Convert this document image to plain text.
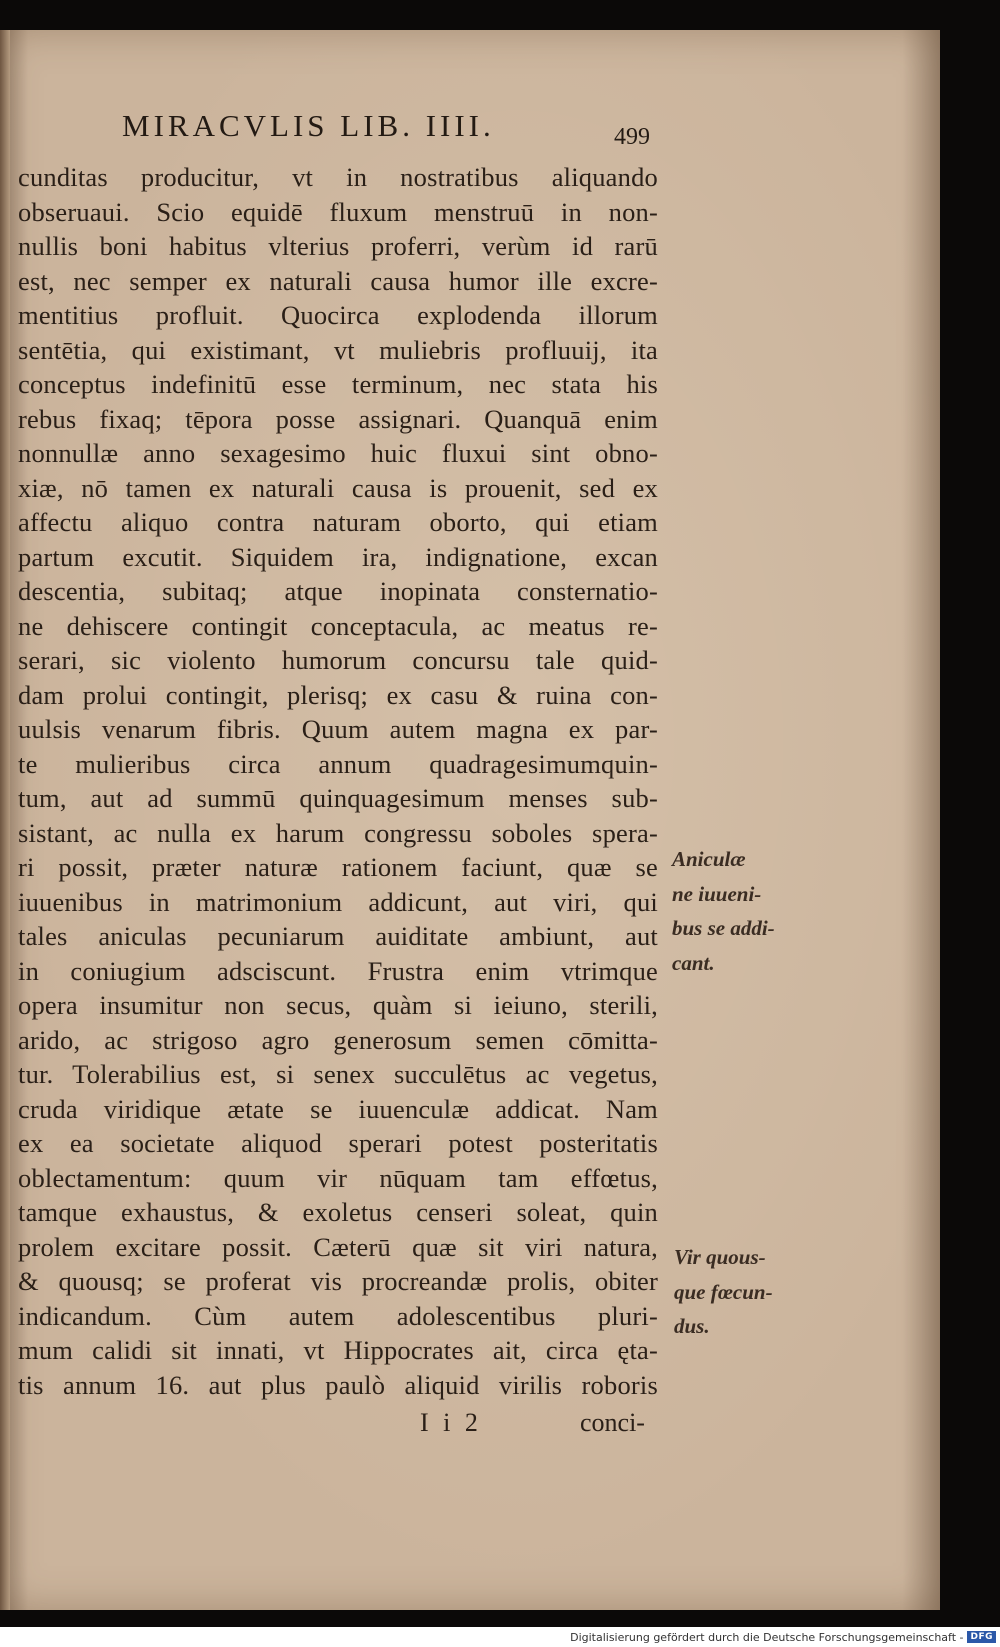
MIRACVLIS LIB. IIII.	499
cunditas producitur, vt in nostratibus aliquando
obseruaui. Scio equidē fluxum menstruū in non-
nullis boni habitus vlterius proferri, verùm id rarū
est, nec semper ex naturali causa humor ille excre-
mentitius profluit. Quocirca explodenda illorum
sentētia, qui existimant, vt muliebris profluuij, ita
conceptus indefinitū esse terminum, nec stata his
rebus fixaq; tēpora posse assignari. Quanquā enim
nonnullæ anno sexagesimo huic fluxui sint obno-
xiæ, nō tamen ex naturali causa is prouenit, sed ex
affectu aliquo contra naturam oborto, qui etiam
partum excutit. Siquidem ira, indignatione, excan
descentia, subitaq; atque inopinata consternatio-
ne dehiscere contingit conceptacula, ac meatus re-
serari, sic violento humorum concursu tale quid-
dam prolui contingit, plerisq; ex casu & ruina con-
uulsis venarum fibris. Quum autem magna ex par-
te mulieribus circa annum quadragesimumquin-
tum, aut ad summū quinquagesimum menses sub-
sistant, ac nulla ex harum congressu soboles spera-
ri possit, præter naturæ rationem faciunt, quæ se
iuuenibus in matrimonium addicunt, aut viri, qui
tales aniculas pecuniarum auiditate ambiunt, aut
in coniugium adsciscunt. Frustra enim vtrimque
opera insumitur non secus, quàm si ieiuno, sterili,
arido, ac strigoso agro generosum semen cōmitta-
tur. Tolerabilius est, si senex succulētus ac vegetus,
cruda viridique ætate se iuuenculæ addicat. Nam
ex ea societate aliquod sperari potest posteritatis
oblectamentum: quum vir nūquam tam effœtus,
tamque exhaustus, & exoletus censeri soleat, quin
prolem excitare possit. Cæterū quæ sit viri natura,
& quousq; se proferat vis procreandæ prolis, obiter
indicandum. Cùm autem adolescentibus pluri-
mum calidi sit innati, vt Hippocrates ait, circa ęta-
tis annum 16. aut plus paulò aliquid virilis roboris
Aniculæ
ne iuueni-
bus se addi-
cant.
Vir quous-
que fœcun-
dus.
I i 2	conci-
Digitalisierung gefördert durch die Deutsche Forschungsgemeinschaft - DFG
